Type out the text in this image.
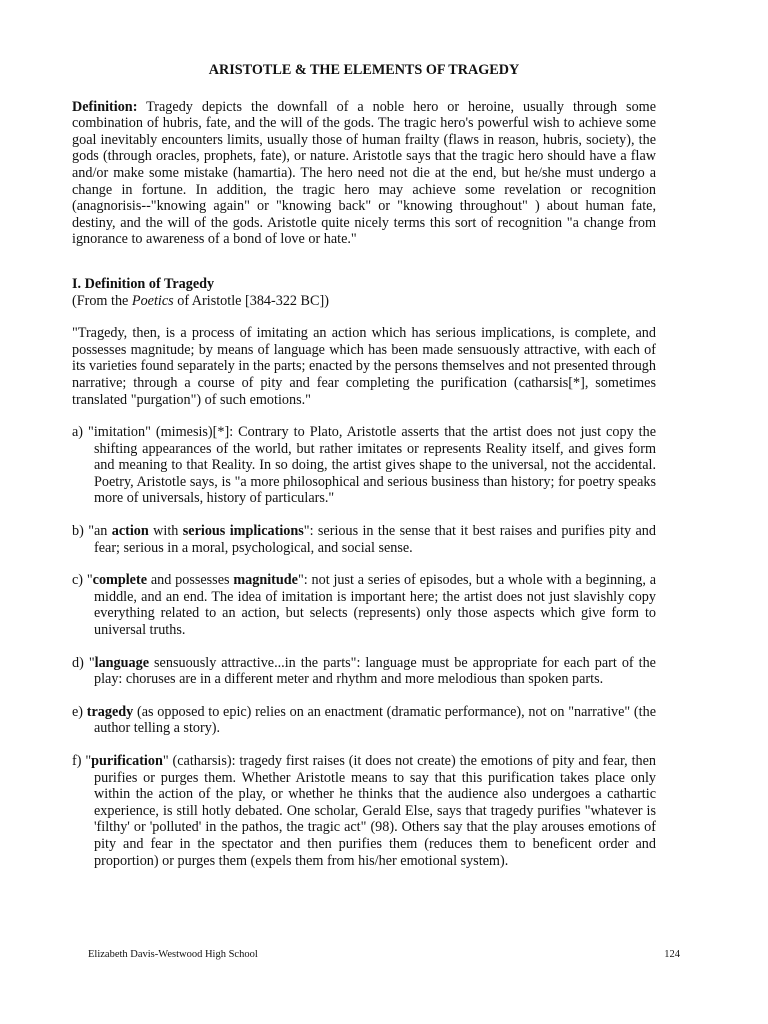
ARISTOTLE & THE ELEMENTS OF TRAGEDY

Definition: Tragedy depicts the downfall of a noble hero or heroine, usually through some combination of hubris, fate, and the will of the gods. The tragic hero's powerful wish to achieve some goal inevitably encounters limits, usually those of human frailty (flaws in reason, hubris, society), the gods (through oracles, prophets, fate), or nature. Aristotle says that the tragic hero should have a flaw and/or make some mistake (hamartia). The hero need not die at the end, but he/she must undergo a change in fortune. In addition, the tragic hero may achieve some revelation or recognition (anagnorisis--"knowing again" or "knowing back" or "knowing throughout" ) about human fate, destiny, and the will of the gods. Aristotle quite nicely terms this sort of recognition "a change from ignorance to awareness of a bond of love or hate."

I. Definition of Tragedy
(From the Poetics of Aristotle [384-322 BC])

"Tragedy, then, is a process of imitating an action which has serious implications, is complete, and possesses magnitude; by means of language which has been made sensuously attractive, with each of its varieties found separately in the parts; enacted by the persons themselves and not presented through narrative; through a course of pity and fear completing the purification (catharsis[*], sometimes translated "purgation") of such emotions."

a) "imitation" (mimesis)[*]: Contrary to Plato, Aristotle asserts that the artist does not just copy the shifting appearances of the world, but rather imitates or represents Reality itself, and gives form and meaning to that Reality. In so doing, the artist gives shape to the universal, not the accidental. Poetry, Aristotle says, is "a more philosophical and serious business than history; for poetry speaks more of universals, history of particulars."

b) "an action with serious implications": serious in the sense that it best raises and purifies pity and fear; serious in a moral, psychological, and social sense.

c) "complete and possesses magnitude": not just a series of episodes, but a whole with a beginning, a middle, and an end. The idea of imitation is important here; the artist does not just slavishly copy everything related to an action, but selects (represents) only those aspects which give form to universal truths.

d) "language sensuously attractive...in the parts": language must be appropriate for each part of the play: choruses are in a different meter and rhythm and more melodious than spoken parts.

e) tragedy (as opposed to epic) relies on an enactment (dramatic performance), not on "narrative" (the author telling a story).

f) "purification" (catharsis): tragedy first raises (it does not create) the emotions of pity and fear, then purifies or purges them. Whether Aristotle means to say that this purification takes place only within the action of the play, or whether he thinks that the audience also undergoes a cathartic experience, is still hotly debated. One scholar, Gerald Else, says that tragedy purifies "whatever is 'filthy' or 'polluted' in the pathos, the tragic act" (98). Others say that the play arouses emotions of pity and fear in the spectator and then purifies them (reduces them to beneficent order and proportion) or purges them (expels them from his/her emotional system).

Elizabeth Davis-Westwood High School	124
